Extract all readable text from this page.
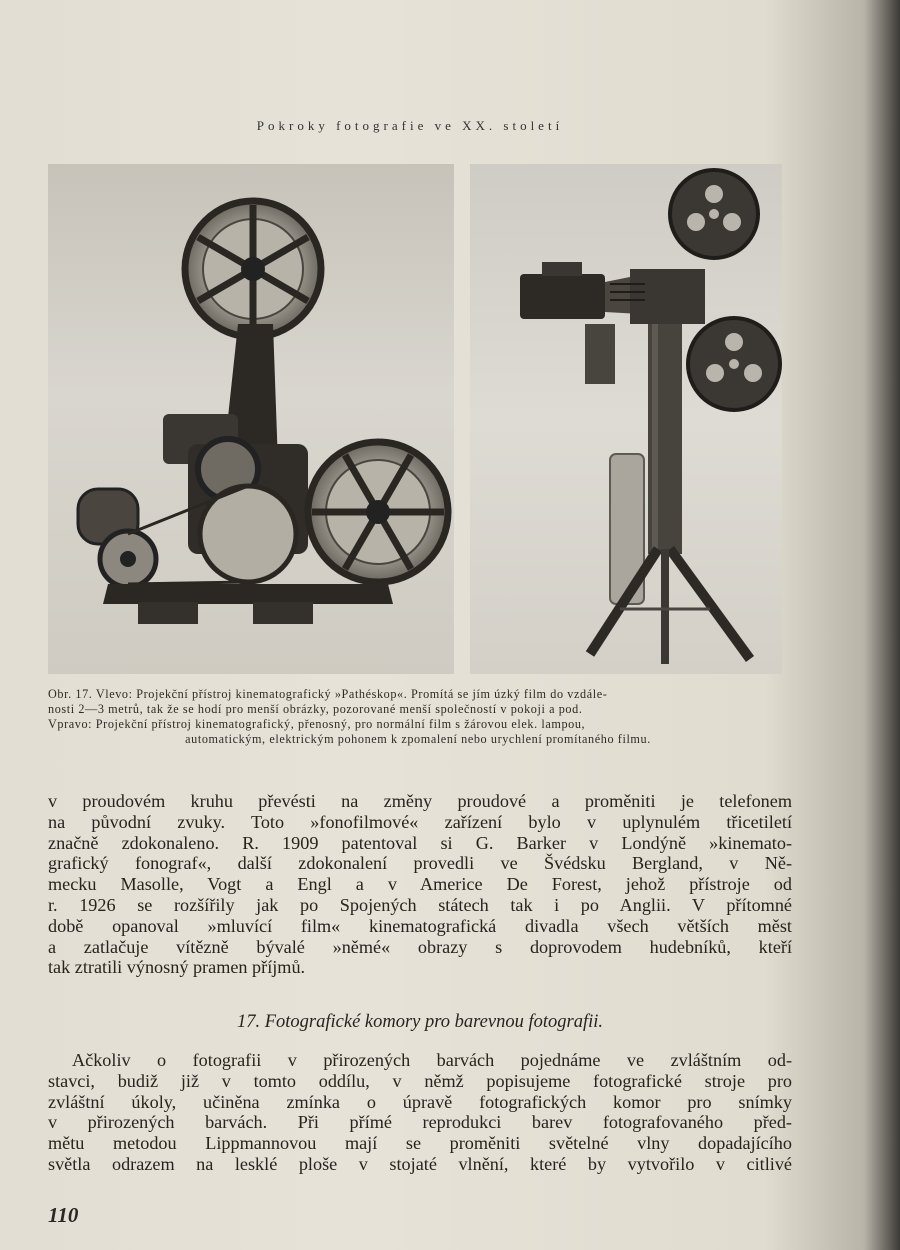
Pokroky fotografie ve XX. století
Obr. 17. Vlevo: Projekční přístroj kinematografický »Pathéskop«. Promítá se jím úzký film do vzdále-
nosti 2—3 metrů, tak že se hodí pro menší obrázky, pozorované menší společností v pokoji a pod.
Vpravo: Projekční přístroj kinematografický, přenosný, pro normální film s žárovou elek. lampou,
automatickým, elektrickým pohonem k zpomalení nebo urychlení promítaného filmu.
v proudovém kruhu převésti na změny proudové a proměniti je telefonem
na původní zvuky. Toto »fonofilmové« zařízení bylo v uplynulém třicetiletí
značně zdokonaleno. R. 1909 patentoval si G. Barker v Londýně »kinemato-
grafický fonograf«, další zdokonalení provedli ve Švédsku Bergland, v Ně-
mecku Masolle, Vogt a Engl a v Americe De Forest, jehož přístroje od
r. 1926 se rozšířily jak po Spojených státech tak i po Anglii. V přítomné
době opanoval »mluvící film« kinematografická divadla všech větších měst
a zatlačuje vítězně bývalé »němé« obrazy s doprovodem hudebníků, kteří
tak ztratili výnosný pramen příjmů.
17. Fotografické komory pro barevnou fotografii.
Ačkoliv o fotografii v přirozených barvách pojednáme ve zvláštním od-
stavci, budiž již v tomto oddílu, v němž popisujeme fotografické stroje pro
zvláštní úkoly, učiněna zmínka o úpravě fotografických komor pro snímky
v přirozených barvách. Při přímé reprodukci barev fotografovaného před-
mětu metodou Lippmannovou mají se proměniti světelné vlny dopadajícího
světla odrazem na lesklé ploše v stojaté vlnění, které by vytvořilo v citlivé
110
